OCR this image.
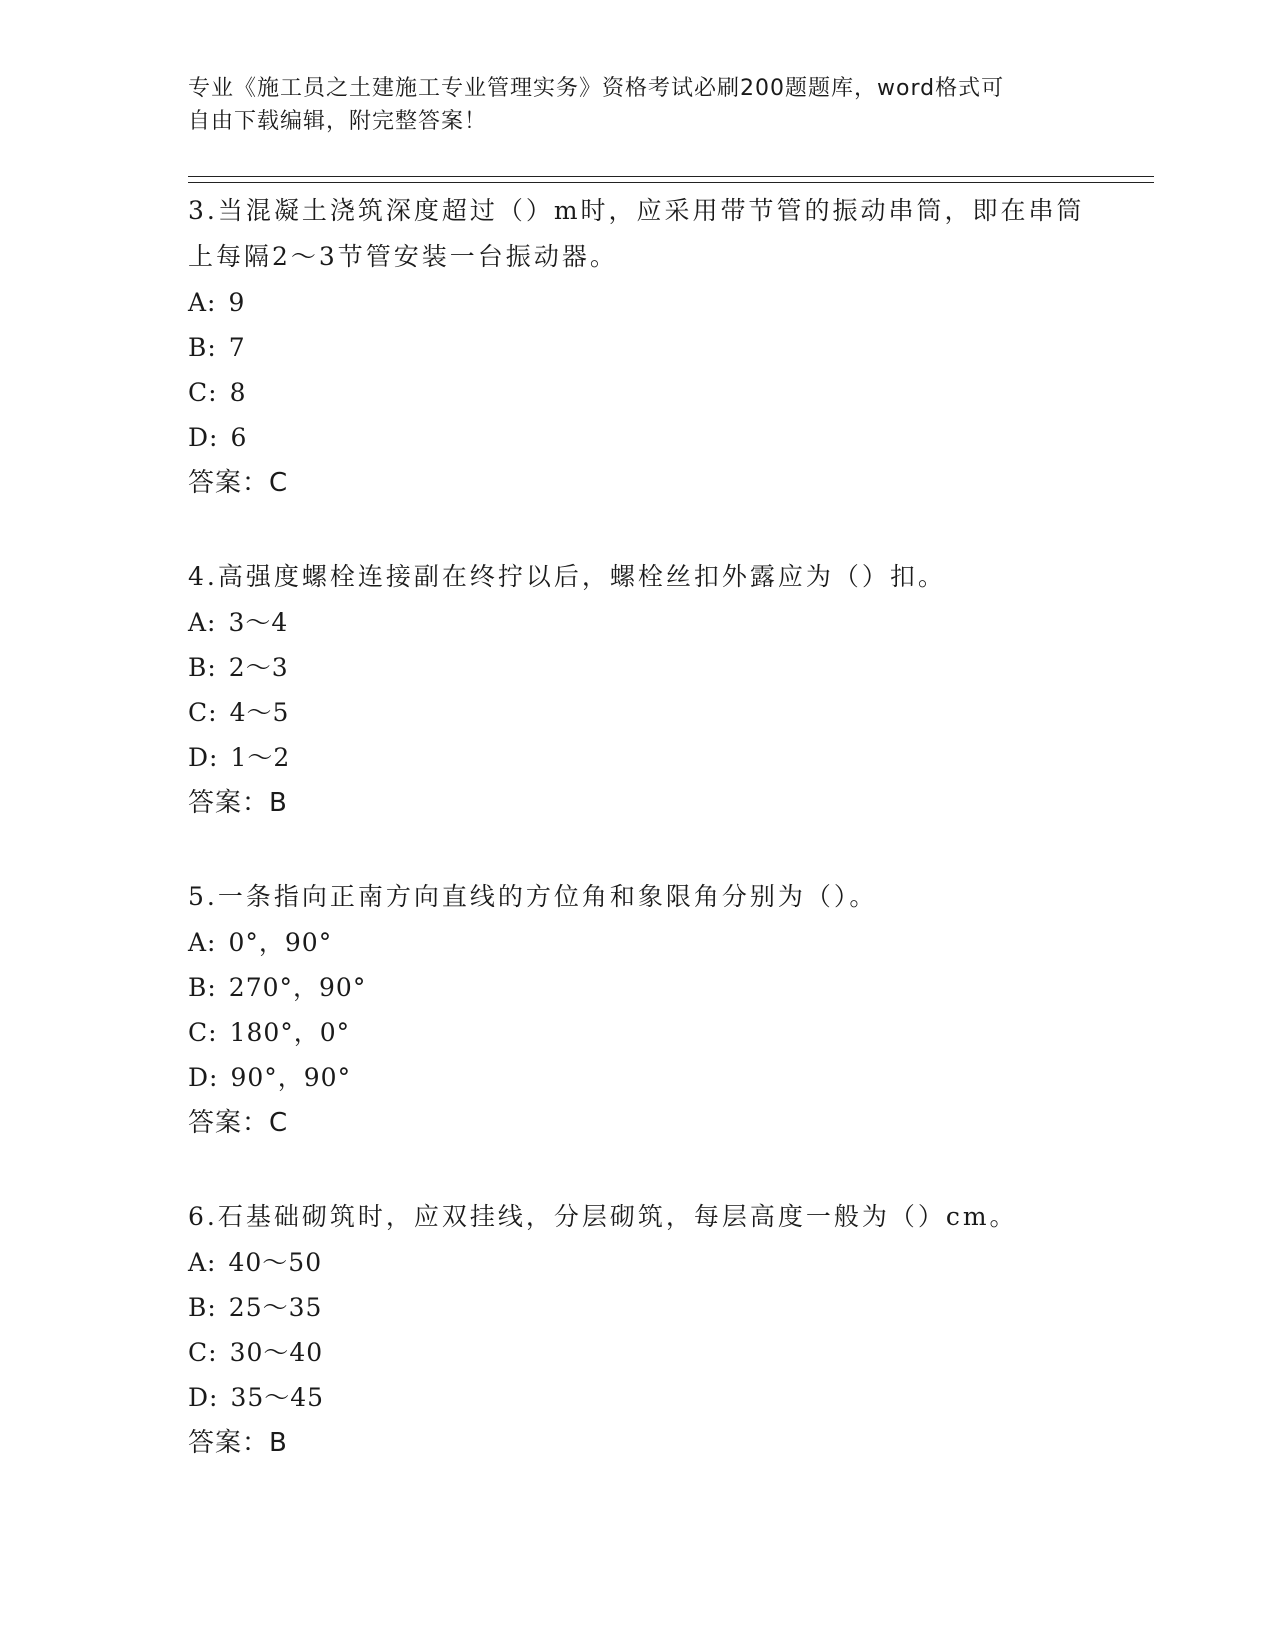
专业《施工员之土建施工专业管理实务》资格考试必刷200题题库，word格式可
自由下载编辑，附完整答案！

3.当混凝土浇筑深度超过（）m时，应采用带节管的振动串筒，即在串筒上每隔2～3节管安装一台振动器。

A: 9

B: 7

C: 8

D: 6

答案：C

4.高强度螺栓连接副在终拧以后，螺栓丝扣外露应为（）扣。

A: 3～4

B: 2～3

C: 4～5

D: 1～2

答案：B

5.一条指向正南方向直线的方位角和象限角分别为（）。

A: 0°，90°

B: 270°，90°

C: 180°，0°

D: 90°，90°

答案：C

6.石基础砌筑时，应双挂线，分层砌筑，每层高度一般为（）cm。

A: 40～50

B: 25～35

C: 30～40

D: 35～45

答案：B
